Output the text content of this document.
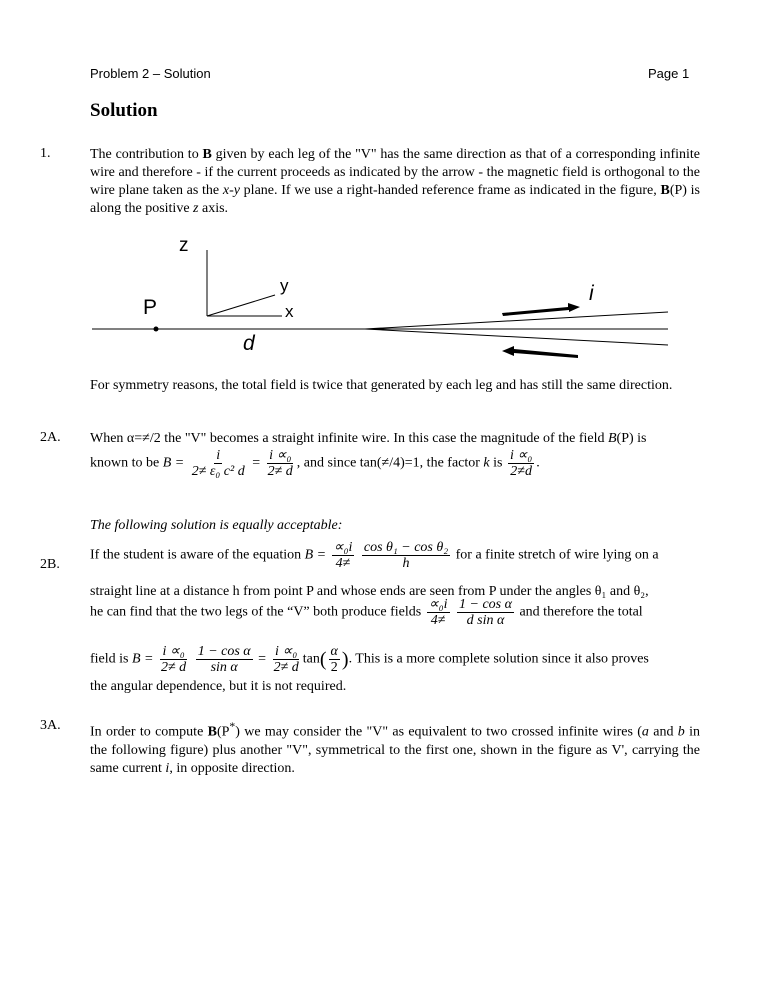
Problem 2 – Solution	Page 1
Solution
1.	The contribution to B given by each leg of the "V" has the same direction as that of a corresponding infinite wire and therefore - if the current proceeds as indicated by the arrow - the magnetic field is orthogonal to the wire plane taken as the x-y plane. If we use a right-handed reference frame as indicated in the figure, B(P) is along the positive z axis.
z
y
x
P
d
i
For symmetry reasons, the total field is twice that generated by each leg and has still the same direction.
2A. When α=≠/2 the "V" becomes a straight infinite wire. In this case the magnitude of the field B(P) is
known to be $B = \frac{i}{\text{2≠ ε₀ c² d}} = \frac{\text{i ∝₀}}{2\ne d}$ , and since tan(≠/4)=1, the factor k is $\frac{\text{i ∝₀}}{2\ne d}$ .
The following solution is equally acceptable:
2B.
If the student is aware of the equation $B = \frac{\text{∝₀i}}{4\ne}$
$\frac{\text{cos θ₁ − cos θ₂}}{h}$ for a finite stretch of wire lying on a
straight line at a distance h from point P and whose ends are seen from P under the angles θ₁ and θ₂,
he can find that the two legs of the “V” both produce fields $\frac{\text{∝₀i}}{4\ne}$
$\frac{\text{1 − cos α}}{\text{d sin α}}$ and therefore the total
field is $B = \frac{\text{i ∝₀}}{2\ne d}$
$\frac{\text{1 − cos α}}{\text{sin α}} = \frac{\text{i ∝₀}}{2\ne d} \tan( \frac{\alpha}{2}$ ). This is a more complete solution since it also proves
the angular dependence, but it is not required.
3A. In order to compute B(P*) we may consider the "V" as equivalent to two crossed infinite wires (a and b in the following figure) plus another "V", symmetrical to the first one, shown in the figure as V', carrying the same current i, in opposite direction.
